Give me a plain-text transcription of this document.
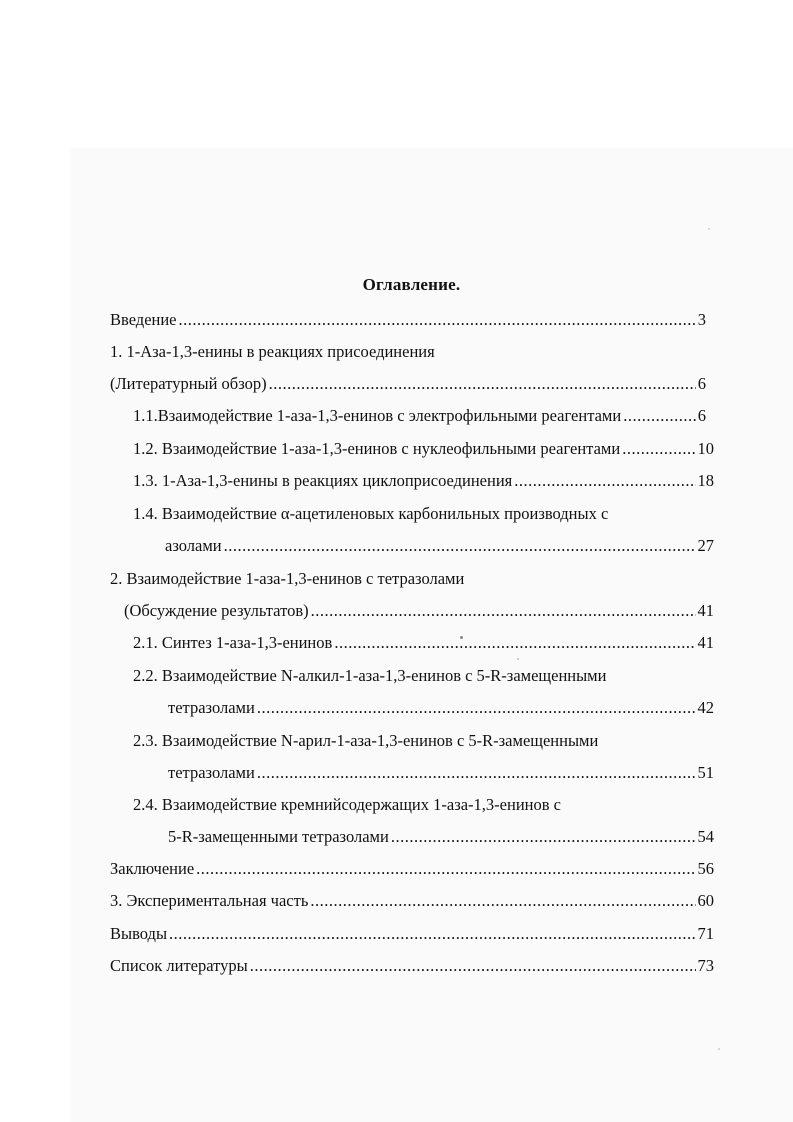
Оглавление.
Введение .....	3
1. 1-Аза-1,3-енины в реакциях присоединения
(Литературный обзор) .....	6
1.1.Взаимодействие 1-аза-1,3-енинов с электрофильными реагентами .....	6
1.2. Взаимодействие 1-аза-1,3-енинов с нуклеофильными реагентами .....	10
1.3. 1-Аза-1,3-енины в реакциях циклоприсоединения .....	18
1.4. Взаимодействие α-ацетиленовых карбонильных производных с
азолами .....	27
2. Взаимодействие 1-аза-1,3-енинов с тетразолами
(Обсуждение результатов) .....	41
2.1. Синтез 1-аза-1,3-енинов .....	41
2.2. Взаимодействие N-алкил-1-аза-1,3-енинов с 5-R-замещенными
тетразолами .....	42
2.3. Взаимодействие N-арил-1-аза-1,3-енинов с 5-R-замещенными
тетразолами .....	51
2.4. Взаимодействие кремнийсодержащих 1-аза-1,3-енинов с
5-R-замещенными тетразолами .....	54
Заключение .....	56
3. Экспериментальная часть .....	60
Выводы .....	71
Список литературы .....	73
